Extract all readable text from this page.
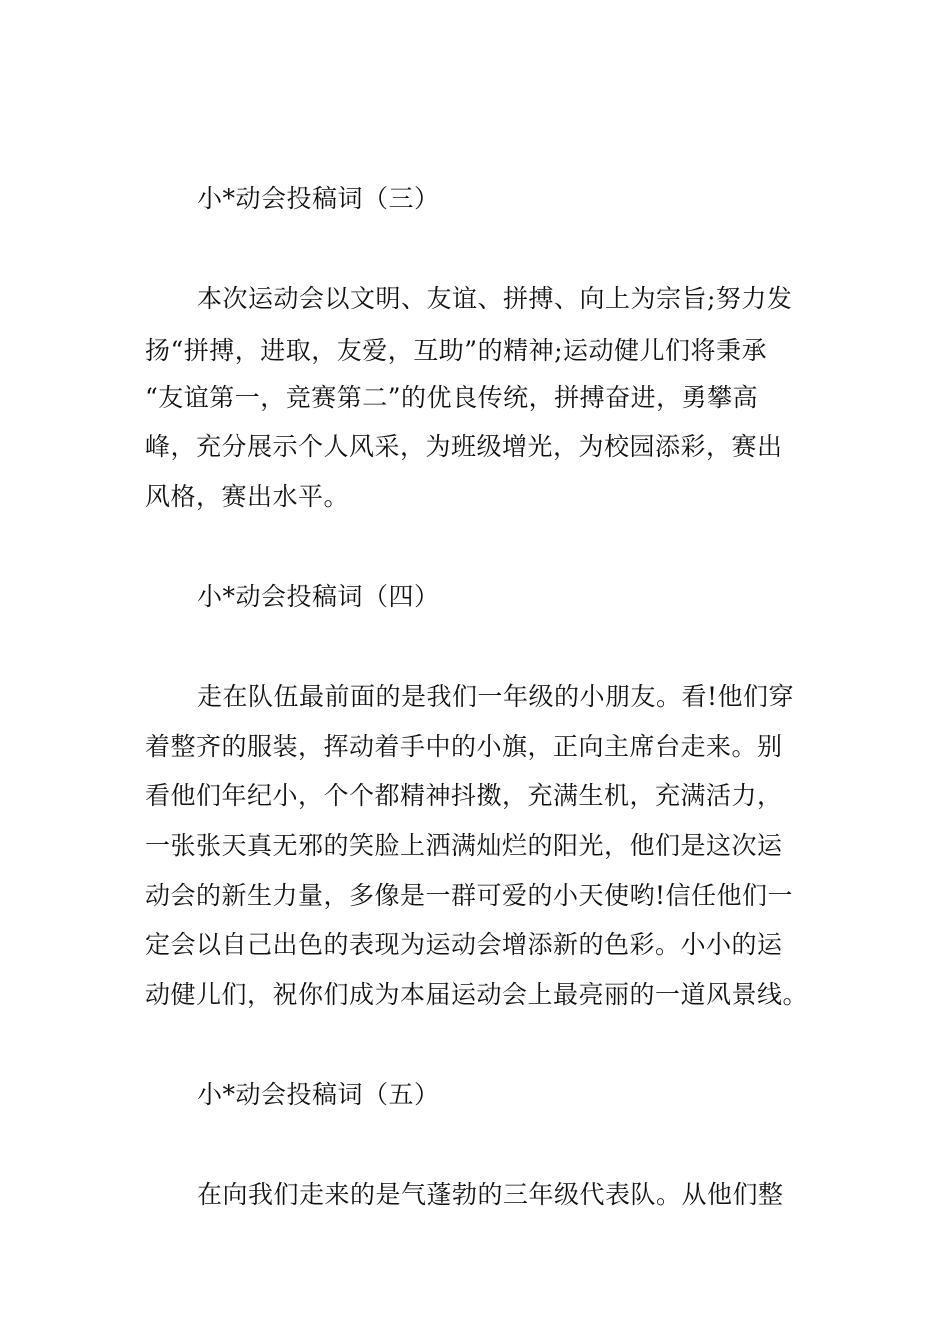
小*动会投稿词（三）
本次运动会以文明、友谊、拼搏、向上为宗旨;努力发
扬“拼搏，进取，友爱，互助”的精神;运动健儿们将秉承
“友谊第一，竞赛第二”的优良传统，拼搏奋进，勇攀高
峰，充分展示个人风采，为班级增光，为校园添彩，赛出
风格，赛出水平。
小*动会投稿词（四）
走在队伍最前面的是我们一年级的小朋友。看!他们穿
着整齐的服装，挥动着手中的小旗，正向主席台走来。别
看他们年纪小，个个都精神抖擞，充满生机，充满活力，
一张张天真无邪的笑脸上洒满灿烂的阳光，他们是这次运
动会的新生力量，多像是一群可爱的小天使哟!信任他们一
定会以自己出色的表现为运动会增添新的色彩。小小的运
动健儿们，祝你们成为本届运动会上最亮丽的一道风景线。
小*动会投稿词（五）
在向我们走来的是气蓬勃的三年级代表队。从他们整
